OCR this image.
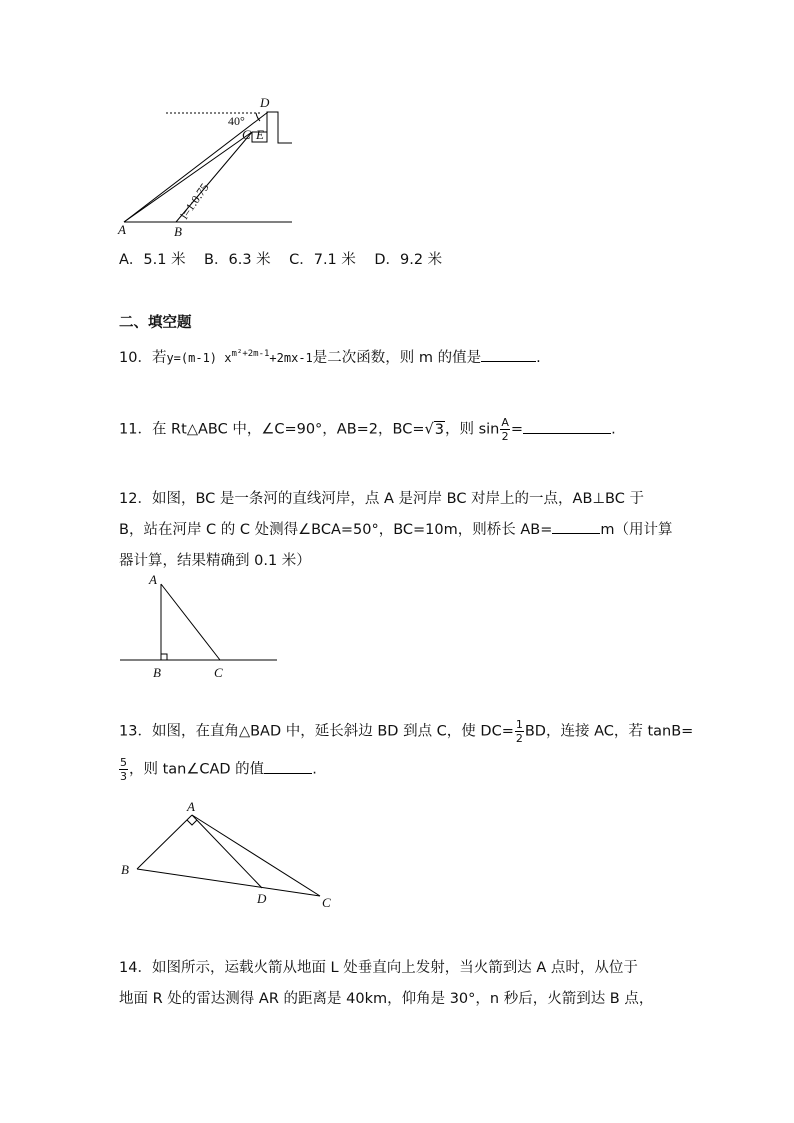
D
40°
C E
A	B
i=1:0.75
A．5.1 米 B．6.3 米 C．7.1 米 D．9.2 米
二、填空题
10．若y=(m-1) $x^{m^2+2m-1}+2mx-1$是二次函数，则 m 的值是	.
11．在 Rt△ABC 中，∠C=90°，AB=2，BC=√3，则 $\sin \frac{A}{2}$ =	.
12．如图，BC 是一条河的直线河岸，点 A 是河岸 BC 对岸上的一点，AB⊥BC 于
B，站在河岸 C 的 C 处测得∠BCA=50°，BC=10m，则桥长 AB=	m（用计算
器计算，结果精确到 0.1 米）
A
B	C
13．如图，在直角△BAD 中，延长斜边 BD 到点 C，使 $DC= \frac{1}{2}$ BD，连接 AC，若 tanB=
$\frac{5}{3}$ ，则 tan∠CAD 的值	.
A
B
D	C
14．如图所示，运载火箭从地面 L 处垂直向上发射，当火箭到达 A 点时，从位于
地面 R 处的雷达测得 AR 的距离是 40km，仰角是 30°，n 秒后，火箭到达 B 点，
